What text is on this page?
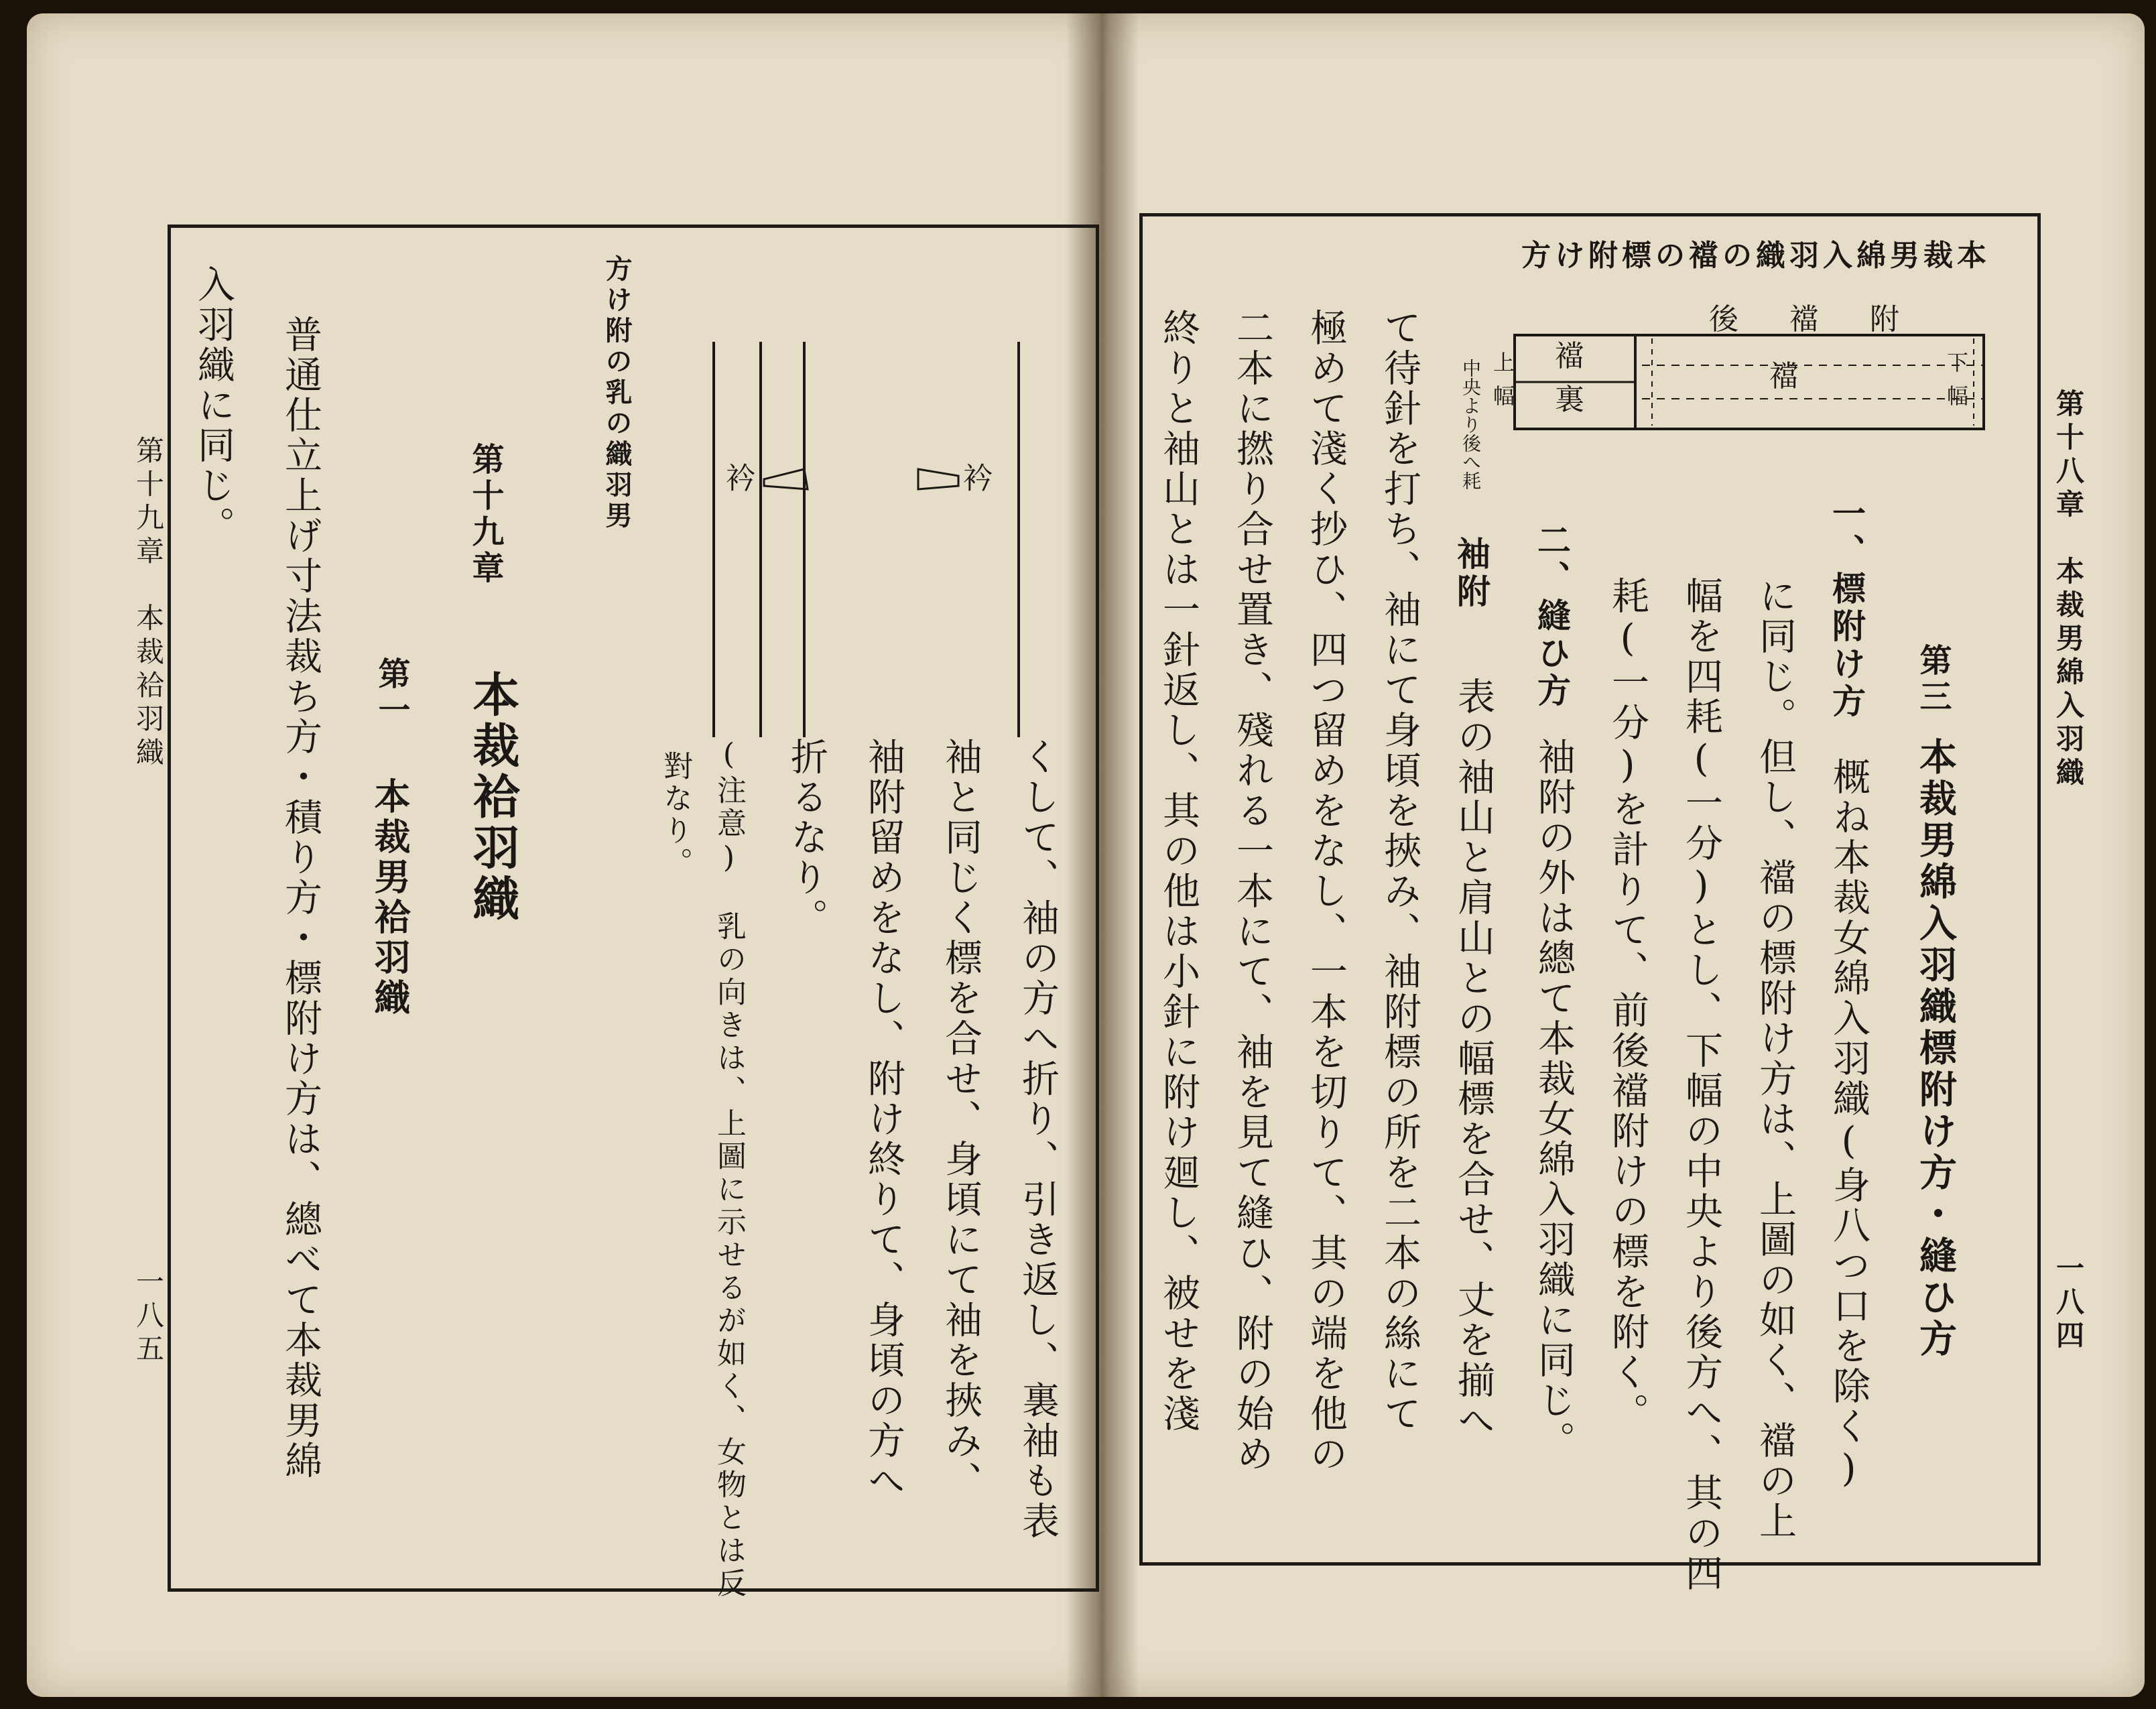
第十九章　本裁袷羽織
一八五
入羽織に同じ。 普通仕立上げ寸法裁ち方・積り方・標附け方は、總べて本裁男綿 第一
本裁男袷羽織
第十九章
本裁袷羽織
方け附の乳の織羽男	衿	衿
對なり。 (注意)　乳の向きは、上圖に示せるが如く、女物とは反 折るなり。 袖附留めをなし、附け終りて、身頃の方へ 袖と同じく標を合せ、身頃にて袖を挾み、 くして、袖の方へ折り、引き返し、裏袖も表	終りと袖山とは一針返し、其の他は小針に附け廻し、被せを淺 二本に撚り合せ置き、殘れる一本にて、袖を見て縫ひ、附の始め 極めて淺く抄ひ、四つ留めをなし、一本を切りて、其の端を他の て待針を打ち、袖にて身頃を挾み、袖附標の所を二本の絲にて 袖附
表の袖山と肩山との幅標を合せ、丈を揃へ
二、縫ひ方
袖附の外は總て本裁女綿入羽織に同じ。 耗(一分)を計りて、前後襠附けの標を附く。 幅を四耗(一分)とし、下幅の中央より後方へ、其の四 に同じ。但し、襠の標附け方は、上圖の如く、襠の上 一、標附け方
概ね本裁女綿入羽織(身八つ口を除く)
第三
本裁男綿入羽織標附け方・縫ひ方
方け附標の襠の織羽入綿男裁本
後　襠　附
襠
裏
襠
上
幅
下
幅
中央より後へ耗	第十八章　本裁男綿入羽織
一八四
